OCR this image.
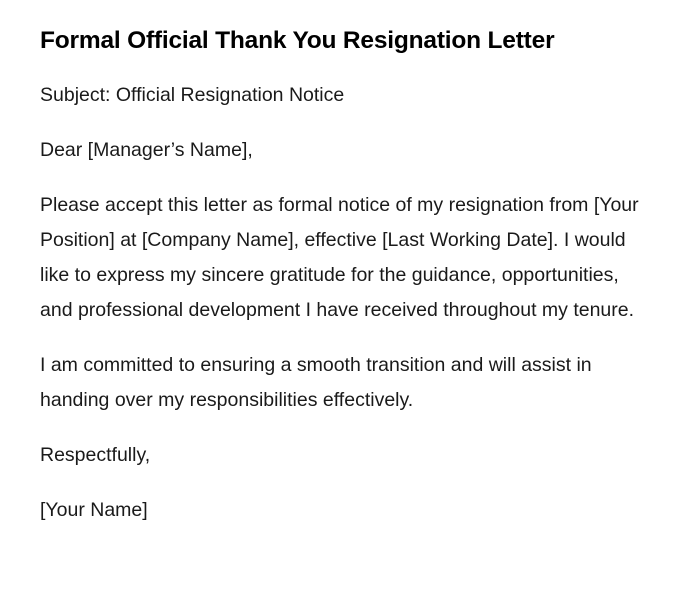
Formal Official Thank You Resignation Letter

Subject: Official Resignation Notice

Dear [Manager’s Name],

Please accept this letter as formal notice of my resignation from [Your Position] at [Company Name], effective [Last Working Date]. I would like to express my sincere gratitude for the guidance, opportunities, and professional development I have received throughout my tenure.

I am committed to ensuring a smooth transition and will assist in handing over my responsibilities effectively.

Respectfully,

[Your Name]
